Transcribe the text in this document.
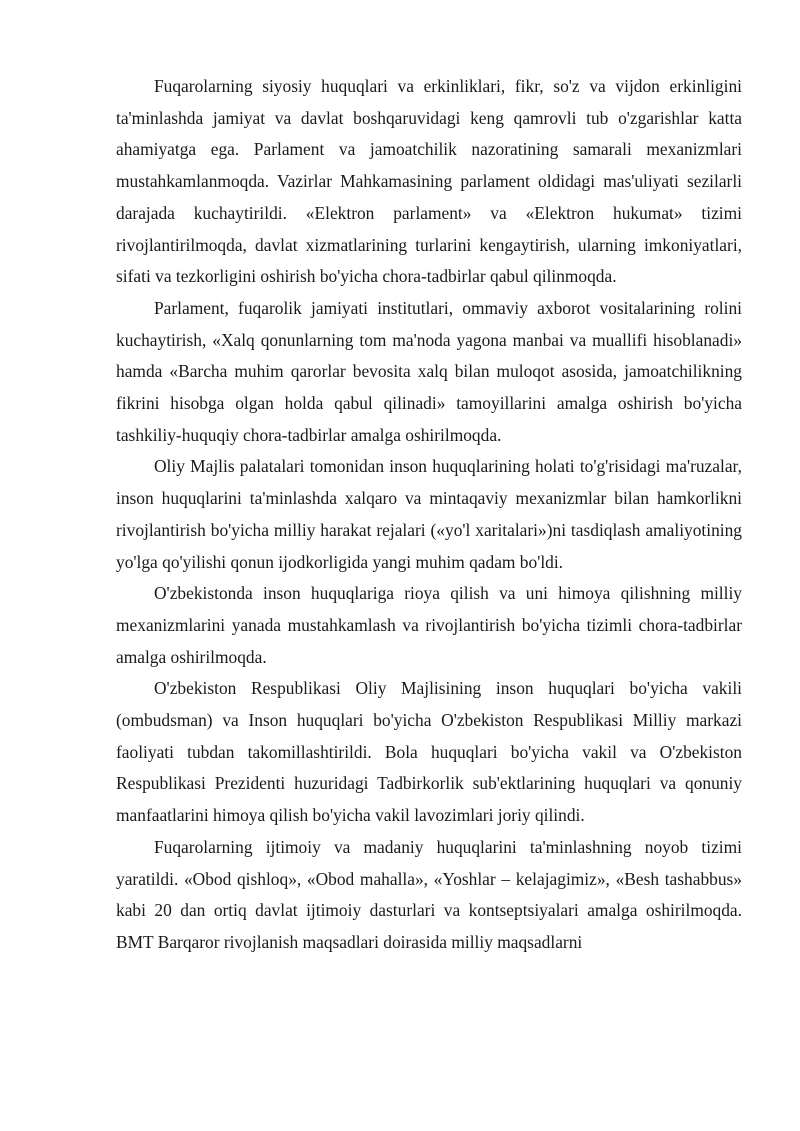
Fuqarolarning siyosiy huquqlari va erkinliklari, fikr, so'z va vijdon erkinligini ta'minlashda jamiyat va davlat boshqaruvidagi keng qamrovli tub o'zgarishlar katta ahamiyatga ega. Parlament va jamoatchilik nazoratining samarali mexanizmlari mustahkamlanmoqda. Vazirlar Mahkamasining parlament oldidagi mas'uliyati sezilarli darajada kuchaytirildi. «Elektron parlament» va «Elektron hukumat» tizimi rivojlantirilmoqda, davlat xizmatlarining turlarini kengaytirish, ularning imkoniyatlari, sifati va tezkorligini oshirish bo'yicha chora-tadbirlar qabul qilinmoqda.

Parlament, fuqarolik jamiyati institutlari, ommaviy axborot vositalarining rolini kuchaytirish, «Xalq qonunlarning tom ma'noda yagona manbai va muallifi hisoblanadi» hamda «Barcha muhim qarorlar bevosita xalq bilan muloqot asosida, jamoatchilikning fikrini hisobga olgan holda qabul qilinadi» tamoyillarini amalga oshirish bo'yicha tashkiliy-huquqiy chora-tadbirlar amalga oshirilmoqda.

Oliy Majlis palatalari tomonidan inson huquqlarining holati to'g'risidagi ma'ruzalar, inson huquqlarini ta'minlashda xalqaro va mintaqaviy mexanizmlar bilan hamkorlikni rivojlantirish bo'yicha milliy harakat rejalari («yo'l xaritalari»)ni tasdiqlash amaliyotining yo'lga qo'yilishi qonun ijodkorligida yangi muhim qadam bo'ldi.

O'zbekistonda inson huquqlariga rioya qilish va uni himoya qilishning milliy mexanizmlarini yanada mustahkamlash va rivojlantirish bo'yicha tizimli chora-tadbirlar amalga oshirilmoqda.

O'zbekiston Respublikasi Oliy Majlisining inson huquqlari bo'yicha vakili (ombudsman) va Inson huquqlari bo'yicha O'zbekiston Respublikasi Milliy markazi faoliyati tubdan takomillashtirildi. Bola huquqlari bo'yicha vakil va O'zbekiston Respublikasi Prezidenti huzuridagi Tadbirkorlik sub'ektlarining huquqlari va qonuniy manfaatlarini himoya qilish bo'yicha vakil lavozimlari joriy qilindi.

Fuqarolarning ijtimoiy va madaniy huquqlarini ta'minlashning noyob tizimi yaratildi. «Obod qishloq», «Obod mahalla», «Yoshlar – kelajagimiz», «Besh tashabbus» kabi 20 dan ortiq davlat ijtimoiy dasturlari va kontseptsiyalari amalga oshirilmoqda. BMT Barqaror rivojlanish maqsadlari doirasida milliy maqsadlarni
